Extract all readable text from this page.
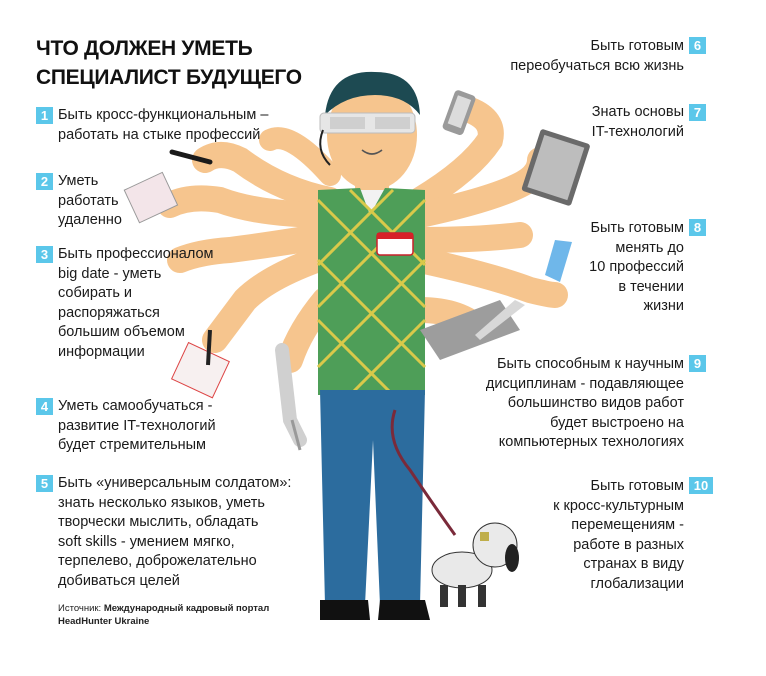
ЧТО ДОЛЖЕН УМЕТЬ
СПЕЦИАЛИСТ БУДУЩЕГО
1 Быть кросс-функциональным –
работать на стыке профессий
2 Уметь
работать
удаленно
3 Быть профессионалом
big date - уметь
собирать и
распоряжаться
большим объемом
информации
4 Уметь самообучаться -
развитие IT-технологий
будет стремительным
5 Быть «универсальным солдатом»:
знать несколько языков, уметь
творчески мыслить, обладать
soft skills - умением мягко,
терпелево, доброжелательно
добиваться целей
Быть готовым
переобучаться всю жизнь
6
Знать основы
IT-технологий
7
Быть готовым
менять до
10 профессий
в течении
жизни
8
Быть способным к научным
дисциплинам - подавляющее
большинство видов работ
будет выстроено на
компьютерных технологиях
9
Быть готовым
к кросс-культурным
перемещениям -
работе в разных
странах в виду
глобализации
10
Источник: Международный кадровый портал
HeadHunter Ukraine
